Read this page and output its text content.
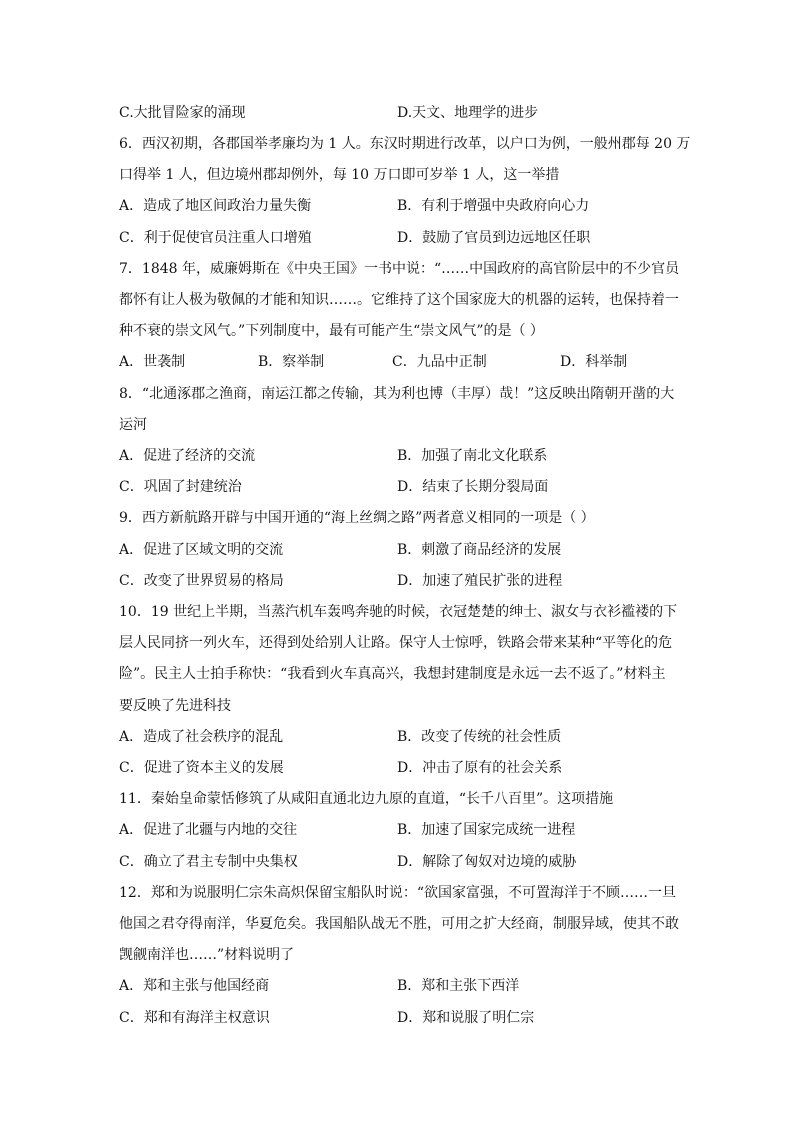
C.大批冒险家的涌现	D.天文、地理学的进步
6．西汉初期，各郡国举孝廉均为 1 人。东汉时期进行改革，以户口为例，一般州郡每 20 万
口得举 1 人，但边境州郡却例外，每 10 万口即可岁举 1 人，这一举措
A．造成了地区间政治力量失衡	B．有利于增强中央政府向心力
C．利于促使官员注重人口增殖	D．鼓励了官员到边远地区任职
7．1848 年，威廉姆斯在《中央王国》一书中说：“……中国政府的高官阶层中的不少官员
都怀有让人极为敬佩的才能和知识……。它维持了这个国家庞大的机器的运转，也保持着一
种不衰的崇文风气。”下列制度中，最有可能产生“崇文风气”的是（ ）
A．世袭制	B．察举制	C．九品中正制	D．科举制
8．“北通涿郡之渔商，南运江都之传输，其为利也博（丰厚）哉！”这反映出隋朝开凿的大
运河
A．促进了经济的交流	B．加强了南北文化联系
C．巩固了封建统治	D．结束了长期分裂局面
9．西方新航路开辟与中国开通的“海上丝绸之路”两者意义相同的一项是（ ）
A．促进了区域文明的交流	B．刺激了商品经济的发展
C．改变了世界贸易的格局	D．加速了殖民扩张的进程
10．19 世纪上半期，当蒸汽机车轰鸣奔驰的时候，衣冠楚楚的绅士、淑女与衣衫褴褛的下
层人民同挤一列火车，还得到处给别人让路。保守人士惊呼，铁路会带来某种“平等化的危
险”。民主人士拍手称快：“我看到火车真高兴，我想封建制度是永远一去不返了。”材料主
要反映了先进科技
A．造成了社会秩序的混乱	B．改变了传统的社会性质
C．促进了资本主义的发展	D．冲击了原有的社会关系
11．秦始皇命蒙恬修筑了从咸阳直通北边九原的直道，“长千八百里”。这项措施
A．促进了北疆与内地的交往	B．加速了国家完成统一进程
C．确立了君主专制中央集权	D．解除了匈奴对边境的威胁
12．郑和为说服明仁宗朱高炽保留宝船队时说：“欲国家富强，不可置海洋于不顾……一旦
他国之君夺得南洋，华夏危矣。我国船队战无不胜，可用之扩大经商，制服异域，使其不敢
觊觎南洋也……”材料说明了
A．郑和主张与他国经商	B．郑和主张下西洋
C．郑和有海洋主权意识	D．郑和说服了明仁宗
